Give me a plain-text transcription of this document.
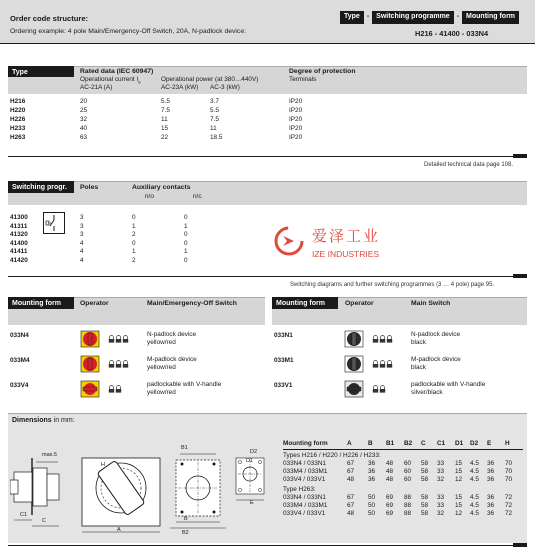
Order code structure:
Ordering example: 4 pole Main/Emergency-Off Switch, 20A, N-padlock device:
Type	-	Switching programme	-	Mounting form
H216 - 41400 - 033N4
Type	Rated data (IEC 60947)
Operational current $I_e$
AC-21A (A)
Operational power (at 380…440V)
AC-23A (kW) AC-3 (kW)
Degree of protection
Terminals
H216	20	5.5	3.7	IP20
H220	25	7.5	5.5	IP20
H226	32	11	7.5	IP20
H233	40	15	11	IP20
H263	63	22	18.5	IP20
Detailed technical data page 108.
Switching progr.	Poles	Auxiliary contacts
n/o	n/c
41300	3	0	0
41311	3	1	1
41320	3	2	0
41400	4	0	0
41411	4	1	1
41420	4	2	0
Switching diagrams and further switching programmes (3 … 4 pole) page 95.
爱泽工业
IZE INDUSTRIES
Mounting form	Operator	Main/Emergency-Off Switch
033N4	N-padlock device
yellow/red
033M4	M-padlock device
yellow/red
033V4	padlockable with V-handle
yellow/red
Mounting form	Operator	Main Switch
033N1	N-padlock device
black
033M1	M-padlock device
black
033V1	padlockable with V-handle
silver/black
Dimensions in mm:
max.5
C1
C
A
B1
B
B2
D2
E
D1
H
Mounting form	A	B B1 B2 C C1 D1 D2 E H
Types H216 / H220 / H226 / H233:
033N4 / 033N1	67 36 48 60 58 33 15 4.5 36 70
033M4 / 033M1	67 36 48 60 58 33 15 4.5 36 70
033V4 / 033V1	48 36 48 60 58 32 12 4.5 36 70
Type H263:
033N4 / 033N1	67 50 69 88 58 33 15 4.5 36 72
033M4 / 033M1	67 50 69 88 58 33 15 4.5 36 72
033V4 / 033V1	48 50 69 88 58 32 12 4.5 36 72
